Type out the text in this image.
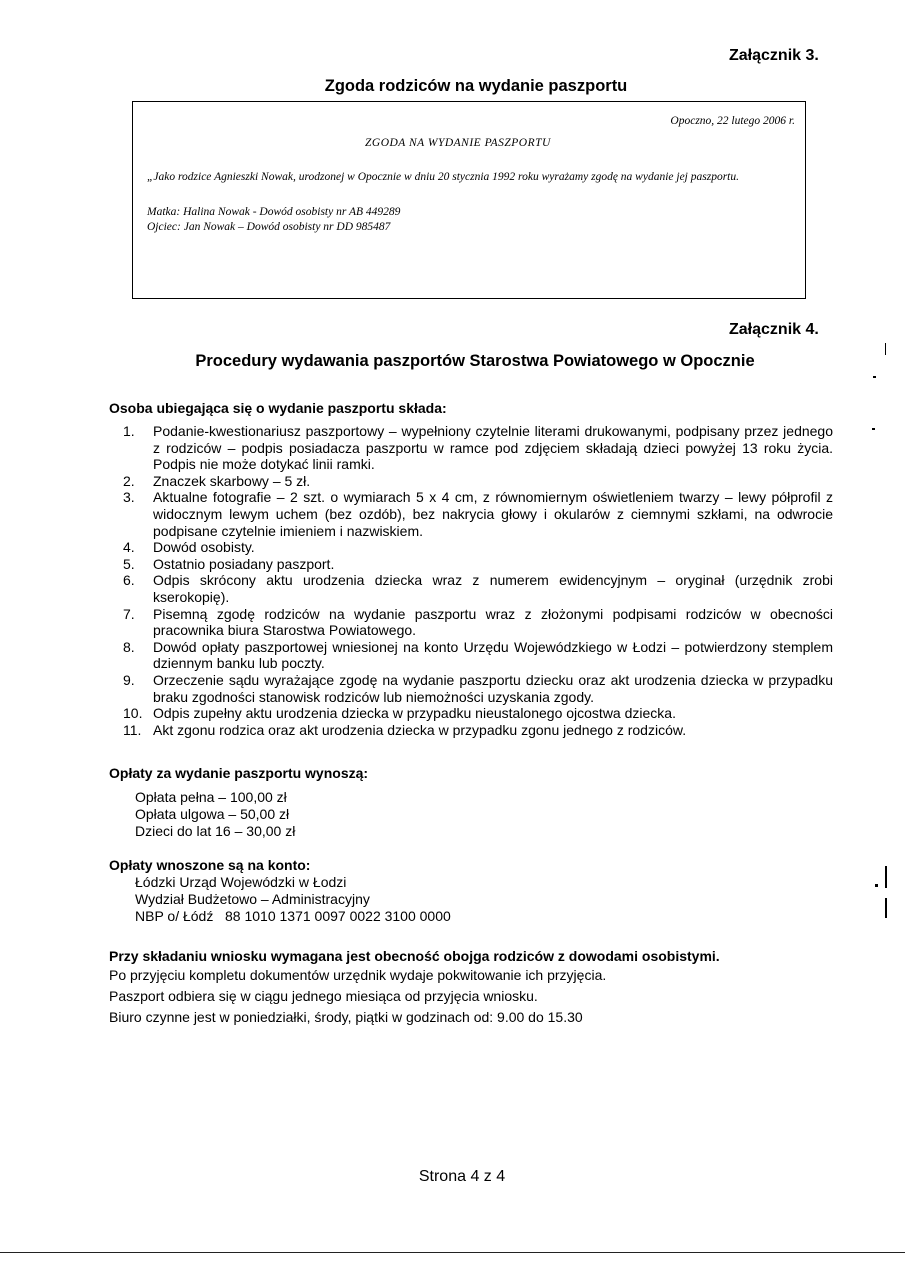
Załącznik 3.
Zgoda rodziców na wydanie paszportu
Opoczno, 22 lutego 2006 r.
ZGODA NA WYDANIE PASZPORTU
„Jako rodzice Agnieszki Nowak, urodzonej w Opocznie w dniu 20 stycznia 1992 roku wyrażamy zgodę na wydanie jej paszportu.
Matka: Halina Nowak - Dowód osobisty nr AB 449289
Ojciec: Jan Nowak – Dowód osobisty nr DD 985487
Załącznik 4.
Procedury wydawania paszportów Starostwa Powiatowego w Opocznie
Osoba ubiegająca się o wydanie paszportu składa:
1.	Podanie-kwestionariusz paszportowy – wypełniony czytelnie literami drukowanymi, podpisany przez jednego z rodziców – podpis posiadacza paszportu w ramce pod zdjęciem składają dzieci powyżej 13 roku życia. Podpis nie może dotykać linii ramki.
2.	Znaczek skarbowy – 5 zł.
3.	Aktualne fotografie – 2 szt. o wymiarach 5 x 4 cm, z równomiernym oświetleniem twarzy – lewy półprofil z widocznym lewym uchem (bez ozdób), bez nakrycia głowy i okularów z ciemnymi szkłami, na odwrocie podpisane czytelnie imieniem i nazwiskiem.
4.	Dowód osobisty.
5.	Ostatnio posiadany paszport.
6.	Odpis skrócony aktu urodzenia dziecka wraz z numerem ewidencyjnym – oryginał (urzędnik zrobi kserokopię).
7.	Pisemną zgodę rodziców na wydanie paszportu wraz z złożonymi podpisami rodziców w obecności pracownika biura Starostwa Powiatowego.
8.	Dowód opłaty paszportowej wniesionej na konto Urzędu Wojewódzkiego w Łodzi – potwierdzony stemplem dziennym banku lub poczty.
9.	Orzeczenie sądu wyrażające zgodę na wydanie paszportu dziecku oraz akt urodzenia dziecka w przypadku braku zgodności stanowisk rodziców lub niemożności uzyskania zgody.
10. Odpis zupełny aktu urodzenia dziecka w przypadku nieustalonego ojcostwa dziecka.
11. Akt zgonu rodzica oraz akt urodzenia dziecka w przypadku zgonu jednego z rodziców.
Opłaty za wydanie paszportu wynoszą:
Opłata pełna – 100,00 zł
Opłata ulgowa – 50,00 zł
Dzieci do lat 16 – 30,00 zł
Opłaty wnoszone są na konto:
Łódzki Urząd Wojewódzki w Łodzi
Wydział Budżetowo – Administracyjny
NBP o/ Łódź   88 1010 1371 0097 0022 3100 0000
Przy składaniu wniosku wymagana jest obecność obojga rodziców z dowodami osobistymi.
Po przyjęciu kompletu dokumentów urzędnik wydaje pokwitowanie ich przyjęcia.
Paszport odbiera się w ciągu jednego miesiąca od przyjęcia wniosku.
Biuro czynne jest w poniedziałki, środy, piątki w godzinach od: 9.00 do 15.30
Strona 4 z 4
